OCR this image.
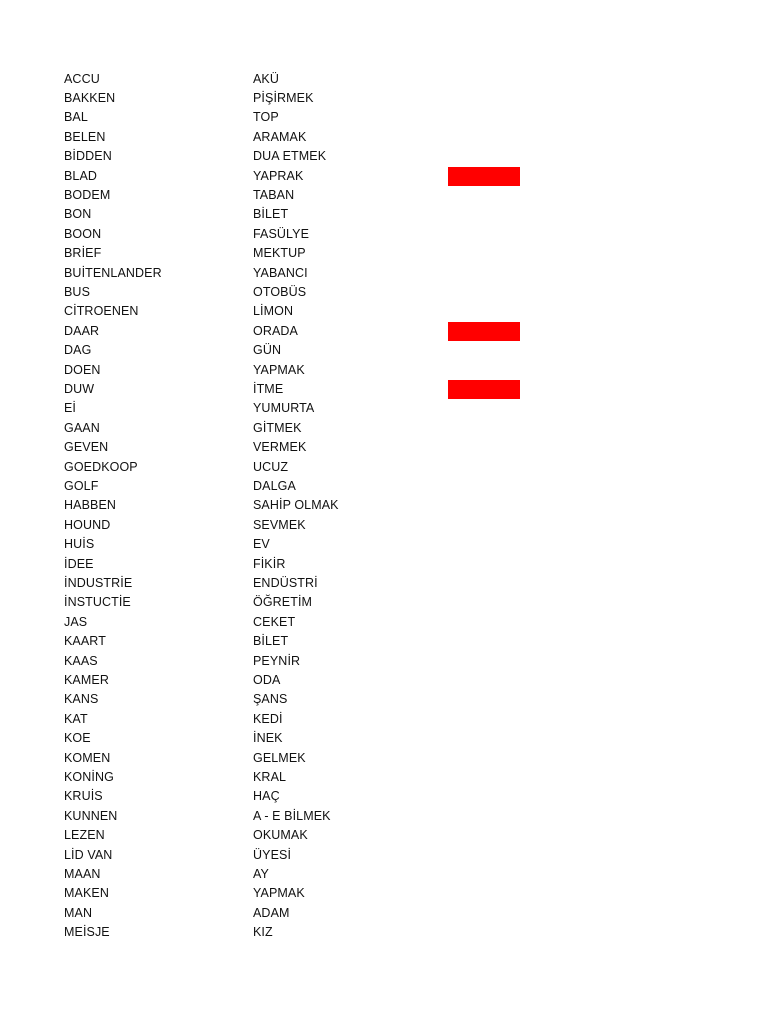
ACCU	AKÜ
BAKKEN	PİŞİRMEK
BAL	TOP
BELEN	ARAMAK
BİDDEN	DUA ETMEK
BLAD	YAPRAK
BODEM	TABAN
BON	BİLET
BOON	FASÜLYE
BRİEF	MEKTUP
BUİTENLANDER	YABANCI
BUS	OTOBÜS
CİTROENEN	LİMON
DAAR	ORADA
DAG	GÜN
DOEN	YAPMAK
DUW	İTME
Eİ	YUMURTA
GAAN	GİTMEK
GEVEN	VERMEK
GOEDKOOP	UCUZ
GOLF	DALGA
HABBEN	SAHİP OLMAK
HOUND	SEVMEK
HUİS	EV
İDEE	FİKİR
İNDUSTRİE	ENDÜSTRİ
İNSTUCTİE	ÖĞRETİM
JAS	CEKET
KAART	BİLET
KAAS	PEYNİR
KAMER	ODA
KANS	ŞANS
KAT	KEDİ
KOE	İNEK
KOMEN	GELMEK
KONİNG	KRAL
KRUİS	HAÇ
KUNNEN	A - E BİLMEK
LEZEN	OKUMAK
LİD VAN	ÜYESİ
MAAN	AY
MAKEN	YAPMAK
MAN	ADAM
MEİSJE	KIZ
